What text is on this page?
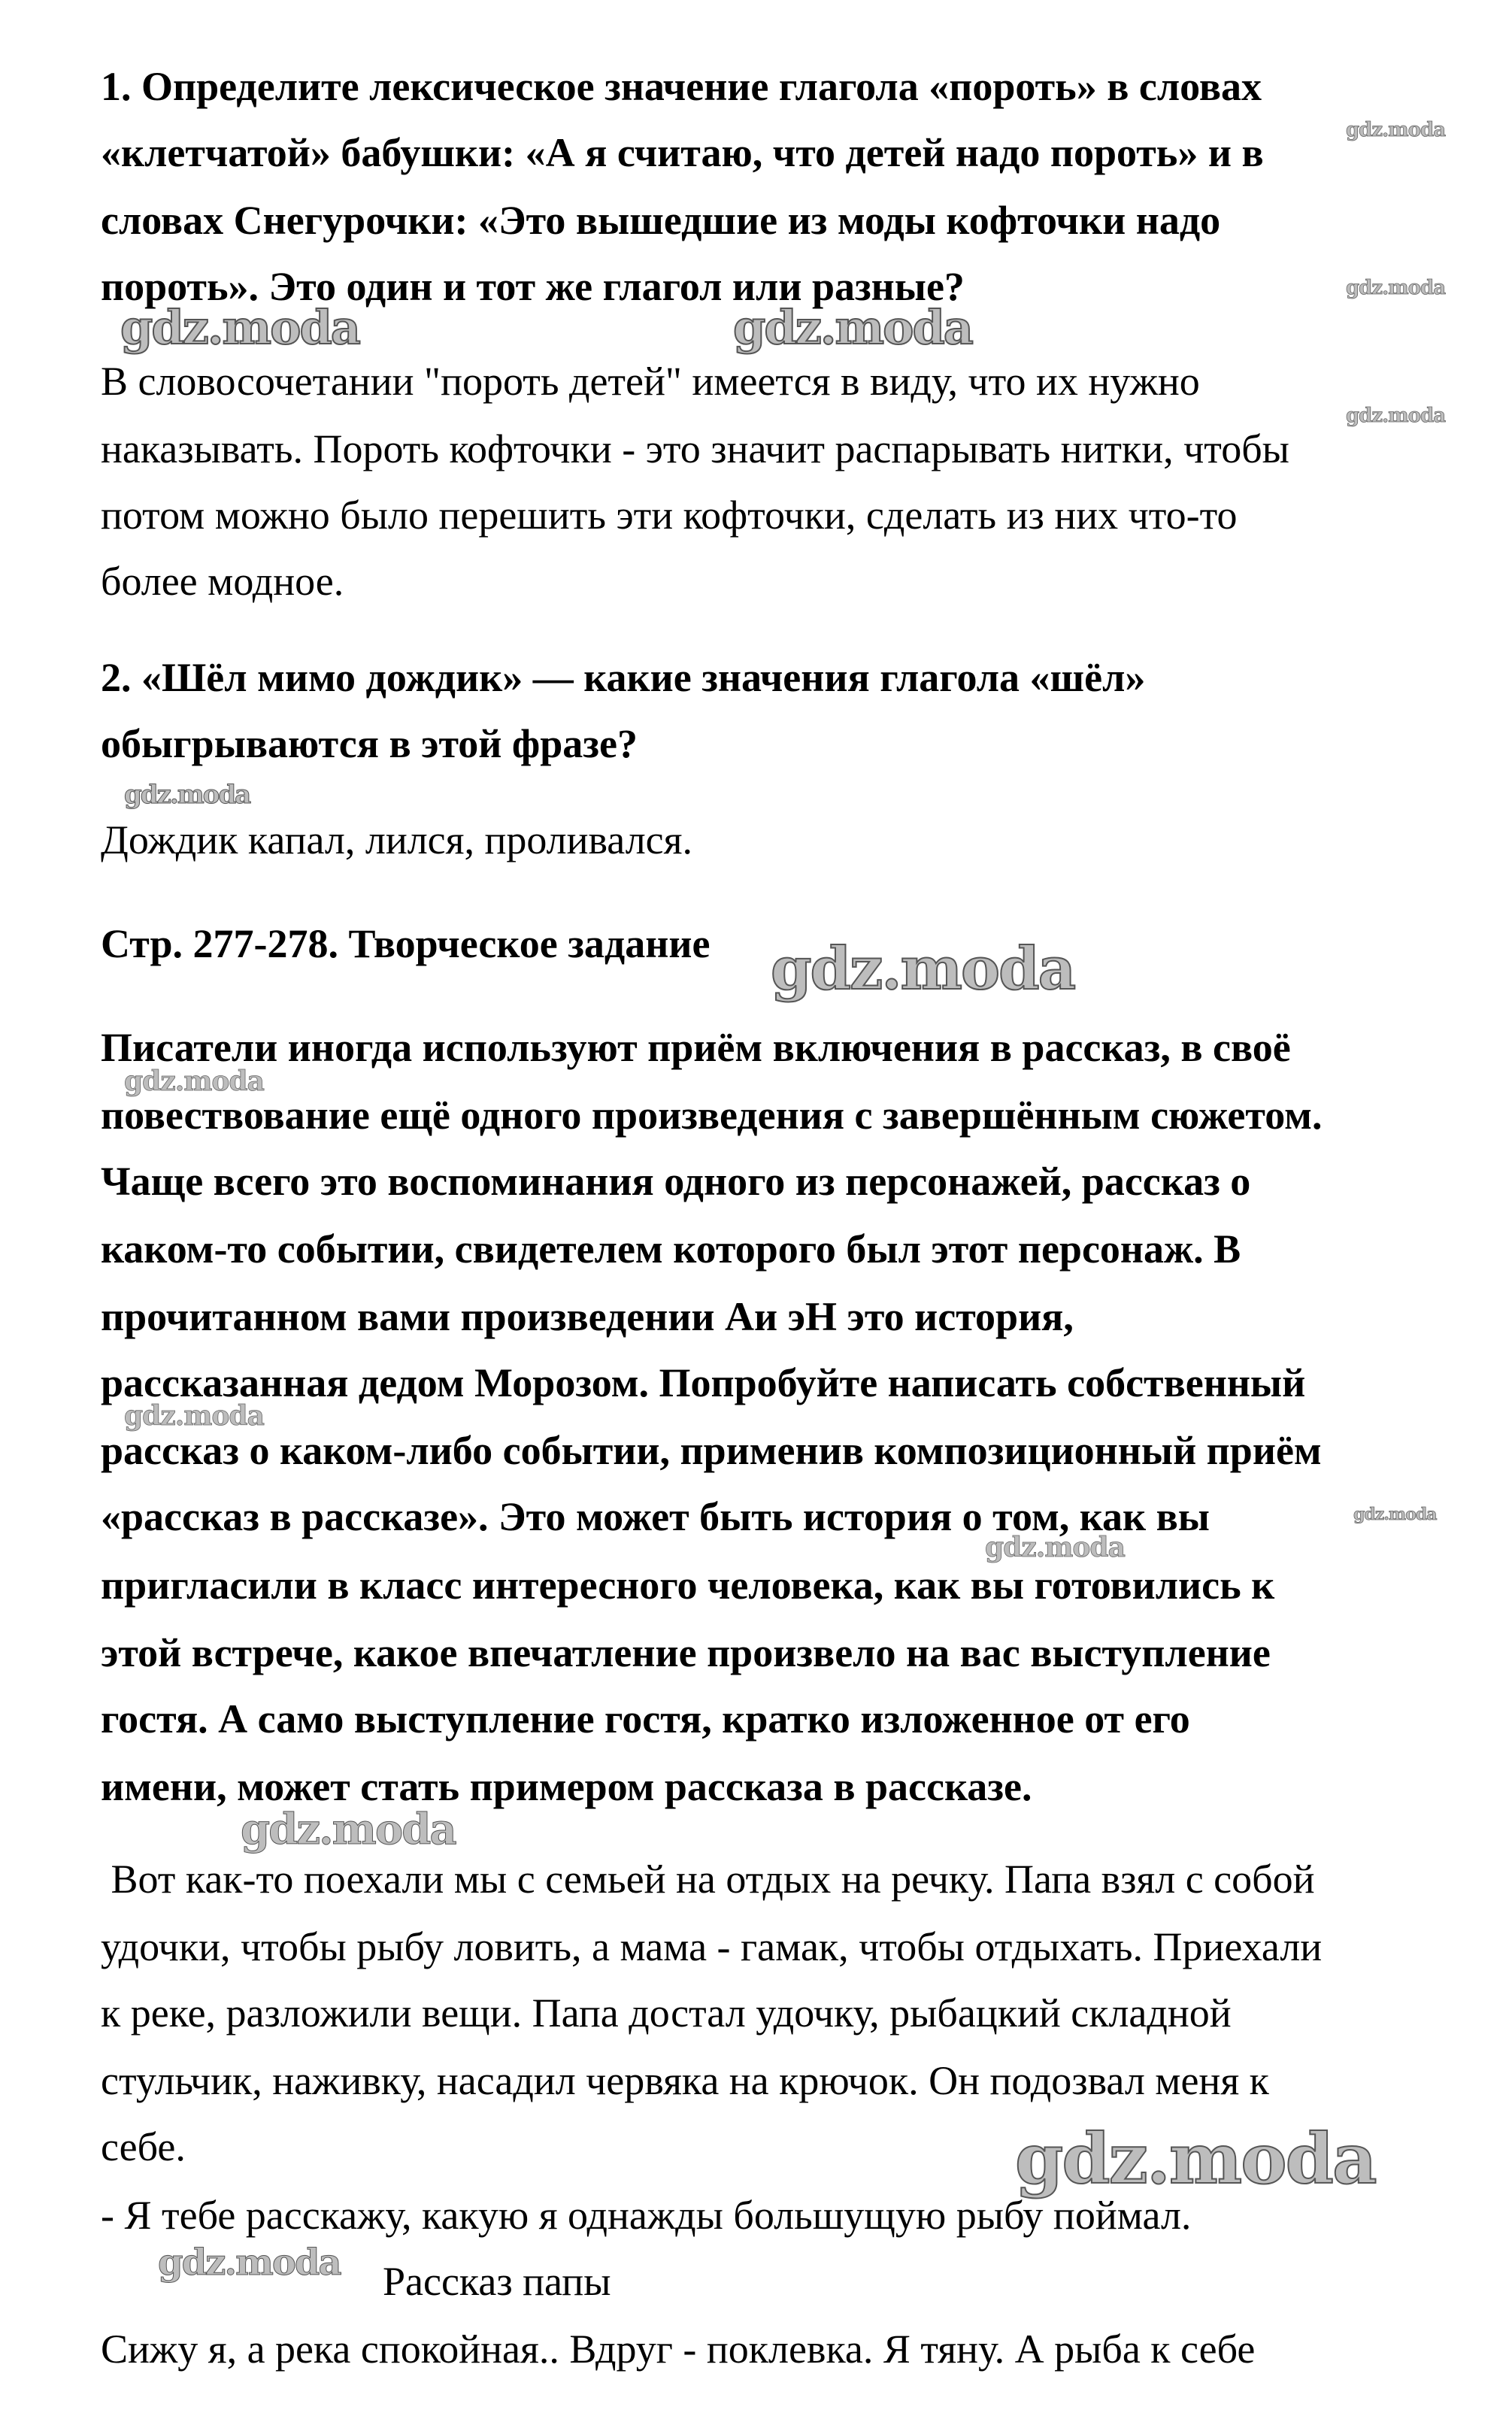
1. Определите лексическое значение глагола «пороть» в словах
«клетчатой» бабушки: «А я считаю, что детей надо пороть» и в
словах Снегурочки: «Это вышедшие из моды кофточки надо
пороть». Это один и тот же глагол или разные?
В словосочетании "пороть детей" имеется в виду, что их нужно
наказывать. Пороть кофточки - это значит распарывать нитки, чтобы
потом можно было перешить эти кофточки, сделать из них что-то
более модное.
2. «Шёл мимо дождик» — какие значения глагола «шёл»
обыгрываются в этой фразе?
Дождик капал, лился, проливался.
Стр. 277-278. Творческое задание
Писатели иногда используют приём включения в рассказ, в своё
повествование ещё одного произведения с завершённым сюжетом.
Чаще всего это воспоминания одного из персонажей, рассказ о
каком-то событии, свидетелем которого был этот персонаж. В
прочитанном вами произведении Аи эН это история,
рассказанная дедом Морозом. Попробуйте написать собственный
рассказ о каком-либо событии, применив композиционный приём
«рассказ в рассказе». Это может быть история о том, как вы
пригласили в класс интересного человека, как вы готовились к
этой встрече, какое впечатление произвело на вас выступление
гостя. А само выступление гостя, кратко изложенное от его
имени, может стать примером рассказа в рассказе.
Вот как-то поехали мы с семьей на отдых на речку. Папа взял с собой
удочки, чтобы рыбу ловить, а мама - гамак, чтобы отдыхать. Приехали
к реке, разложили вещи. Папа достал удочку, рыбацкий складной
стульчик, наживку, насадил червяка на крючок. Он подозвал меня к
себе.
- Я тебе расскажу, какую я однажды большущую рыбу поймал.
Рассказ папы
Сижу я, а река спокойная.. Вдруг - поклевка. Я тяну. А рыба к себе
gdz.moda
gdz.moda
gdz.moda
gdz.moda	gdz.moda
gdz.moda
gdz.moda
gdz.moda
gdz.moda
gdz.moda
gdz.moda
gdz.moda
gdz.moda
gdz.moda
